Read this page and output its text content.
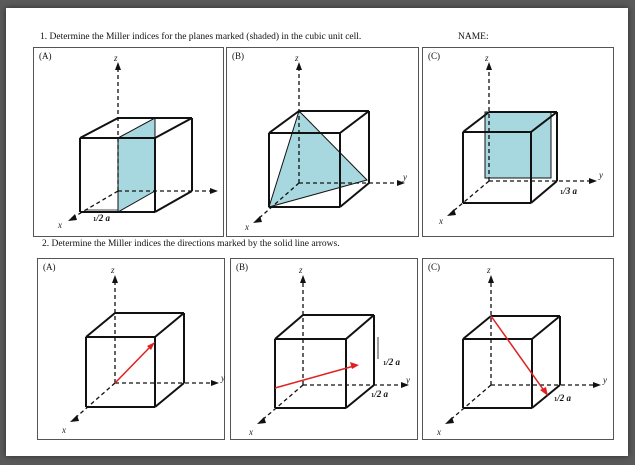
1. Determine the Miller indices for the planes marked (shaded) in the cubic unit cell.	NAME:
(A)	z
x
1/2 a
(B)	z
y
x
(C)	z
y
x
1/3 a
2. Determine the Miller indices the directions marked by the solid line arrows.
(A)	z
y
x
(B)	z
y
x
1/2 a
1/2 a
(C)	z
y
x
1/2 a
